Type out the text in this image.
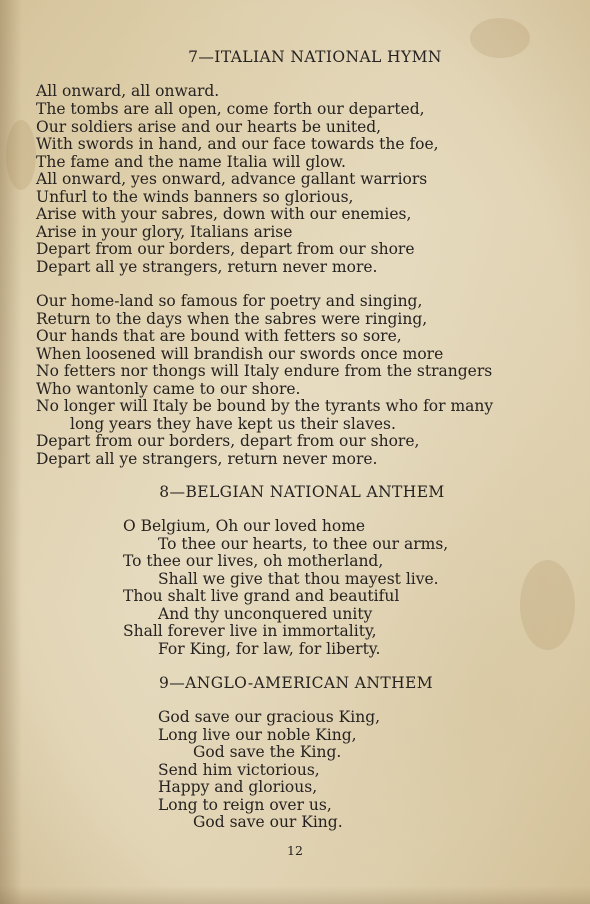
7—ITALIAN NATIONAL HYMN
All onward, all onward.
The tombs are all open, come forth our departed,
Our soldiers arise and our hearts be united,
With swords in hand, and our face towards the foe,
The fame and the name Italia will glow.
All onward, yes onward, advance gallant warriors
Unfurl to the winds banners so glorious,
Arise with your sabres, down with our enemies,
Arise in your glory, Italians arise
Depart from our borders, depart from our shore
Depart all ye strangers, return never more.
Our home-land so famous for poetry and singing,
Return to the days when the sabres were ringing,
Our hands that are bound with fetters so sore,
When loosened will brandish our swords once more
No fetters nor thongs will Italy endure from the strangers
Who wantonly came to our shore.
No longer will Italy be bound by the tyrants who for many
long years they have kept us their slaves.
Depart from our borders, depart from our shore,
Depart all ye strangers, return never more.
8—BELGIAN NATIONAL ANTHEM
O Belgium, Oh our loved home
To thee our hearts, to thee our arms,
To thee our lives, oh motherland,
Shall we give that thou mayest live.
Thou shalt live grand and beautiful
And thy unconquered unity
Shall forever live in immortality,
For King, for law, for liberty.
9—ANGLO-AMERICAN ANTHEM
God save our gracious King,
Long live our noble King,
God save the King.
Send him victorious,
Happy and glorious,
Long to reign over us,
God save our King.
12
